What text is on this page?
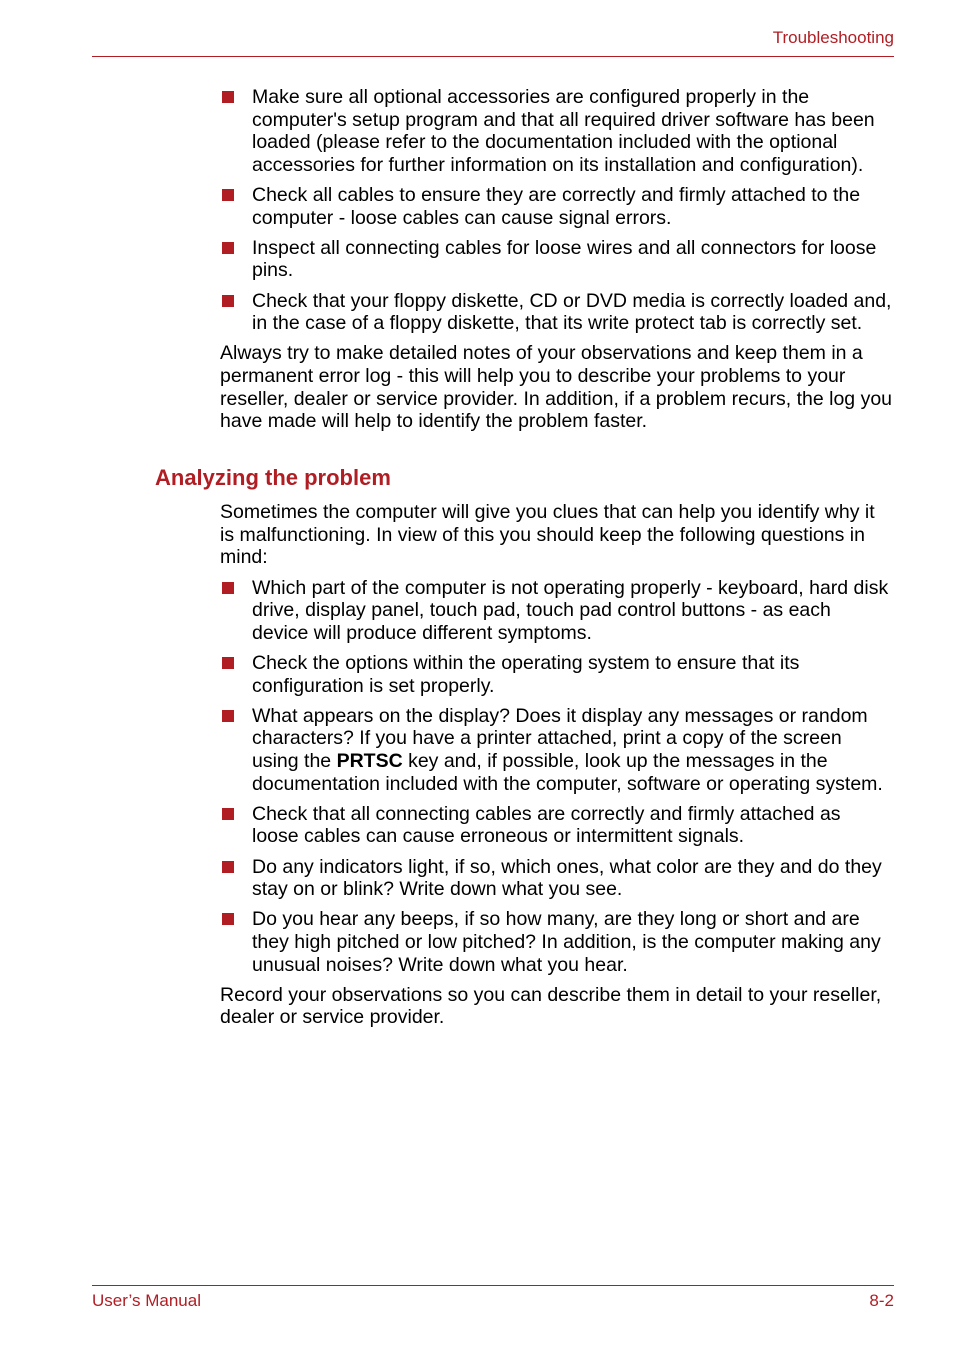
Troubleshooting
Make sure all optional accessories are configured properly in the computer's setup program and that all required driver software has been loaded (please refer to the documentation included with the optional accessories for further information on its installation and configuration).
Check all cables to ensure they are correctly and firmly attached to the computer - loose cables can cause signal errors.
Inspect all connecting cables for loose wires and all connectors for loose pins.
Check that your floppy diskette, CD or DVD media is correctly loaded and, in the case of a floppy diskette, that its write protect tab is correctly set.

Always try to make detailed notes of your observations and keep them in a permanent error log - this will help you to describe your problems to your reseller, dealer or service provider. In addition, if a problem recurs, the log you have made will help to identify the problem faster.

Analyzing the problem

Sometimes the computer will give you clues that can help you identify why it is malfunctioning. In view of this you should keep the following questions in mind:

Which part of the computer is not operating properly - keyboard, hard disk drive, display panel, touch pad, touch pad control buttons - as each device will produce different symptoms.
Check the options within the operating system to ensure that its configuration is set properly.
What appears on the display? Does it display any messages or random characters? If you have a printer attached, print a copy of the screen using the PRTSC key and, if possible, look up the messages in the documentation included with the computer, software or operating system.
Check that all connecting cables are correctly and firmly attached as loose cables can cause erroneous or intermittent signals.
Do any indicators light, if so, which ones, what color are they and do they stay on or blink? Write down what you see.
Do you hear any beeps, if so how many, are they long or short and are they high pitched or low pitched? In addition, is the computer making any unusual noises? Write down what you hear.

Record your observations so you can describe them in detail to your reseller, dealer or service provider.

User’s Manual	8-2
